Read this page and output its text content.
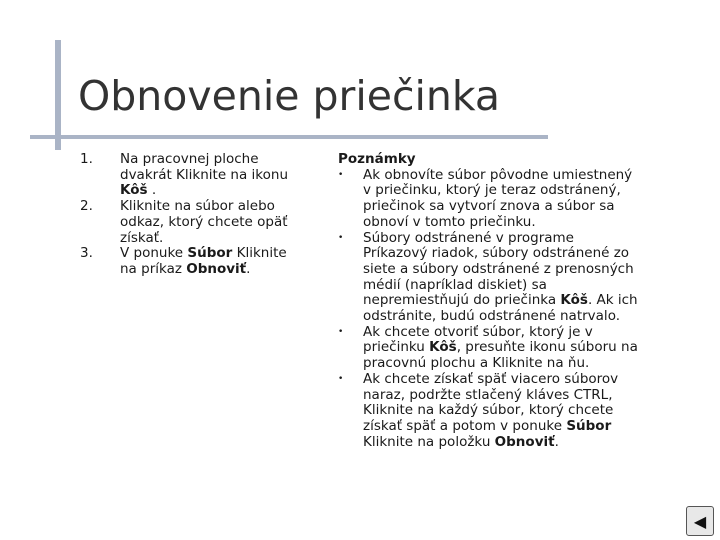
Obnovenie priečinka
1.	Na pracovnej ploche dvakrát Kliknite na ikonu Kôš .
2.	Kliknite na súbor alebo odkaz, ktorý chcete opäť získať.
3.	V ponuke Súbor Kliknite na príkaz Obnoviť.
Poznámky
•	Ak obnovíte súbor pôvodne umiestnený v priečinku, ktorý je teraz odstránený, priečinok sa vytvorí znova a súbor sa obnoví v tomto priečinku.
•	Súbory odstránené v programe Príkazový riadok, súbory odstránené zo siete a súbory odstránené z prenosných médií (napríklad diskiet) sa nepremiestňujú do priečinka Kôš. Ak ich odstránite, budú odstránené natrvalo.
•	Ak chcete otvoriť súbor, ktorý je v priečinku Kôš, presuňte ikonu súboru na pracovnú plochu a Kliknite na ňu.
•	Ak chcete získať späť viacero súborov naraz, podržte stlačený kláves CTRL, Kliknite na každý súbor, ktorý chcete získať späť a potom v ponuke Súbor Kliknite na položku Obnoviť.
◀
